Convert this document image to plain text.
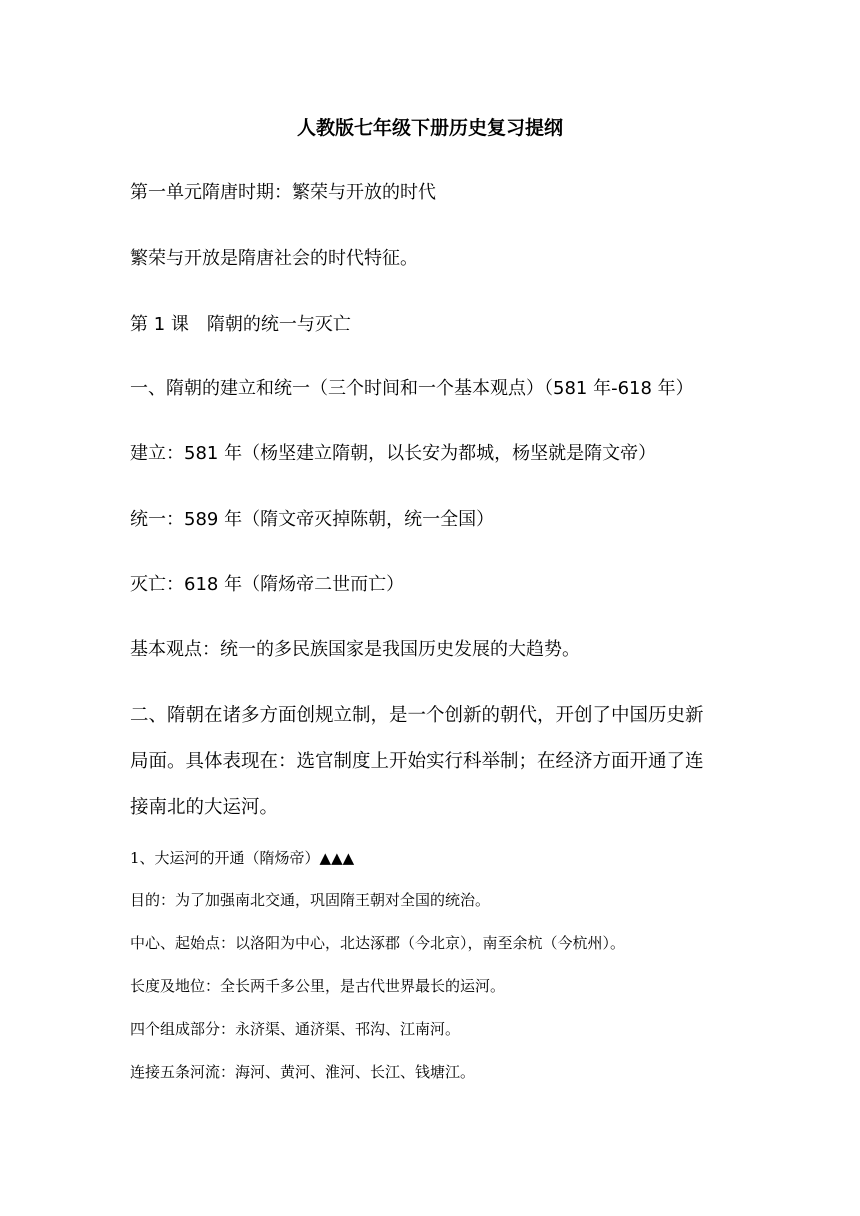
人教版七年级下册历史复习提纲
第一单元隋唐时期：繁荣与开放的时代
繁荣与开放是隋唐社会的时代特征。
第 1 课　隋朝的统一与灭亡
一、隋朝的建立和统一（三个时间和一个基本观点）（581 年-618 年）
建立：581 年（杨坚建立隋朝，以长安为都城，杨坚就是隋文帝）
统一：589 年（隋文帝灭掉陈朝，统一全国）
灭亡：618 年（隋炀帝二世而亡）
基本观点：统一的多民族国家是我国历史发展的大趋势。
二、隋朝在诸多方面创规立制，是一个创新的朝代，开创了中国历史新
局面。具体表现在：选官制度上开始实行科举制；在经济方面开通了连
接南北的大运河。
1、大运河的开通（隋炀帝）▲▲▲
目的：为了加强南北交通，巩固隋王朝对全国的统治。
中心、起始点：以洛阳为中心，北达涿郡（今北京），南至余杭（今杭州）。
长度及地位：全长两千多公里，是古代世界最长的运河。
四个组成部分：永济渠、通济渠、邗沟、江南河。
连接五条河流：海河、黄河、淮河、长江、钱塘江。
